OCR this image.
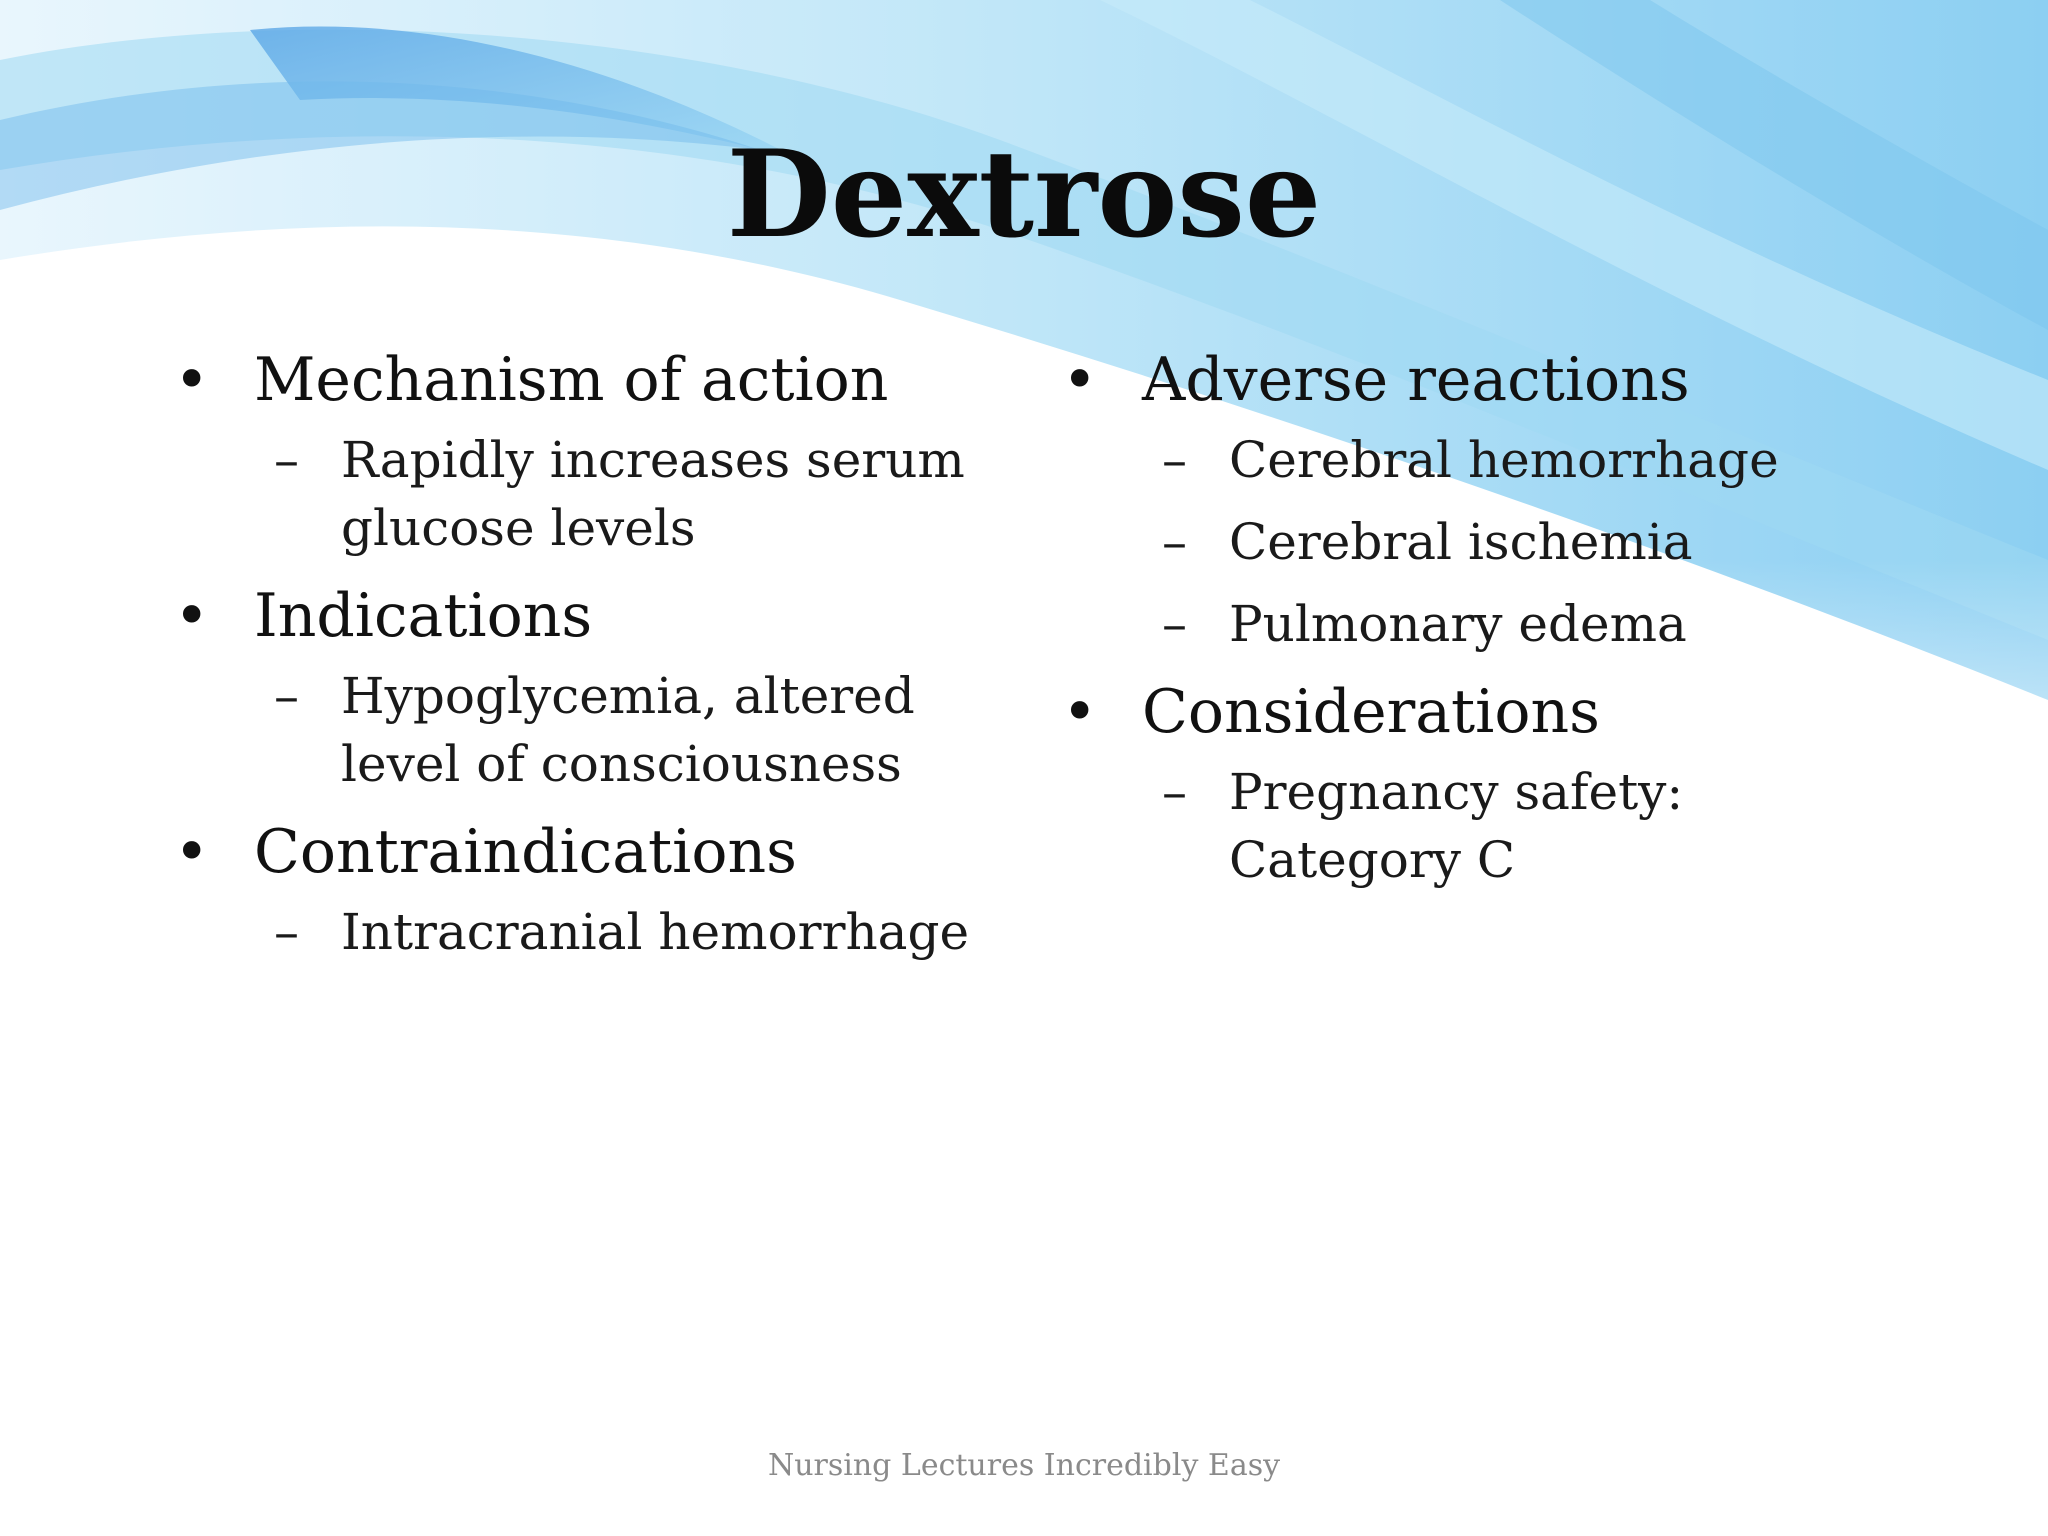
Dextrose
• Mechanism of action
– Rapidly increases serum glucose levels
• Indications
– Hypoglycemia, altered level of consciousness
• Contraindications
– Intracranial hemorrhage
• Adverse reactions
– Cerebral hemorrhage
– Cerebral ischemia
– Pulmonary edema
• Considerations
– Pregnancy safety: Category C
Nursing Lectures Incredibly Easy
